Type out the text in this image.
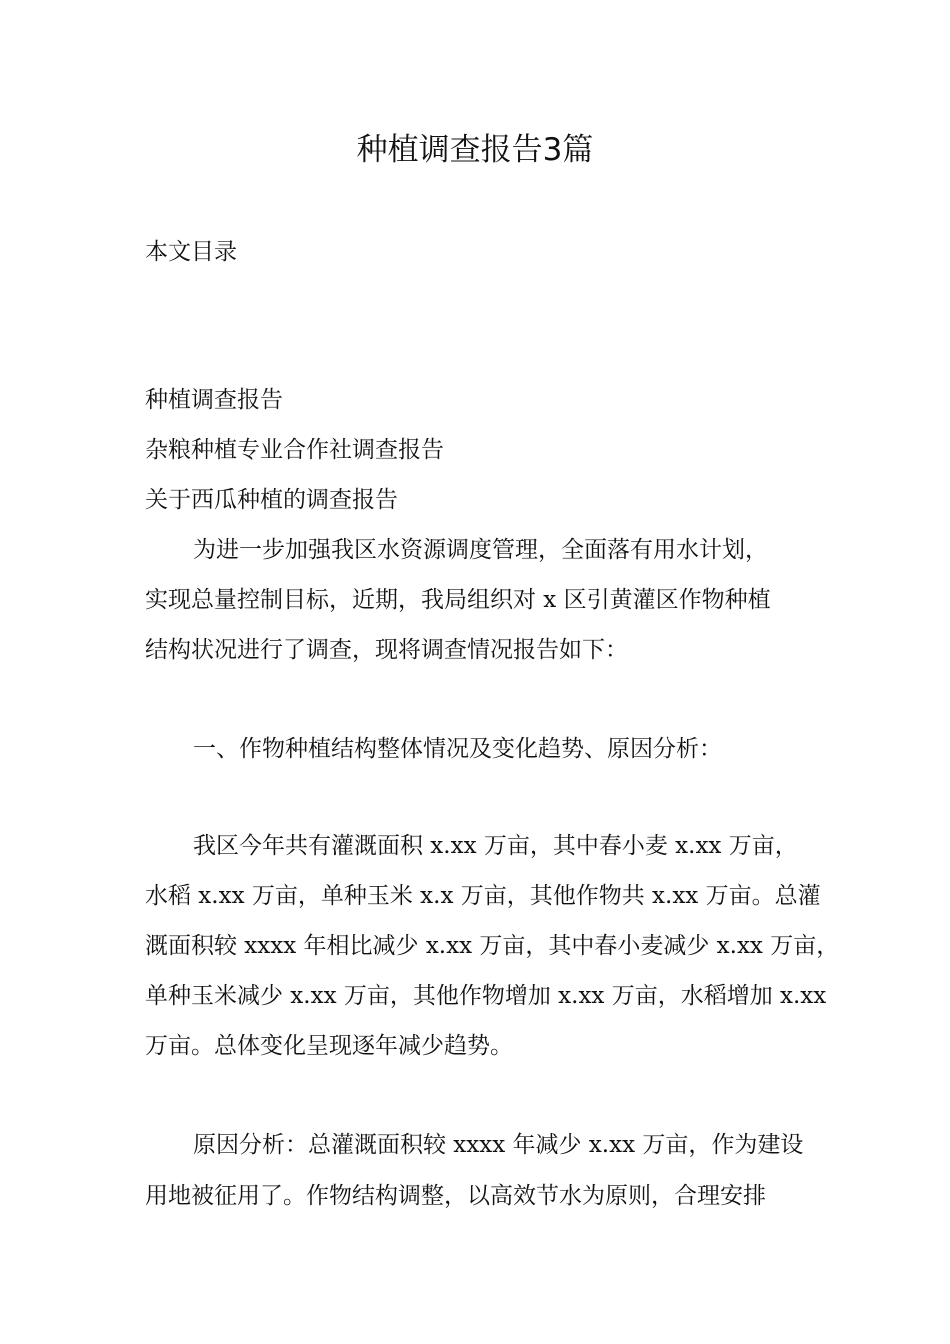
种植调查报告3篇
本文目录
种植调查报告
杂粮种植专业合作社调查报告
关于西瓜种植的调查报告
为进一步加强我区水资源调度管理，全面落有用水计划，
实现总量控制目标，近期，我局组织对 x 区引黄灌区作物种植
结构状况进行了调查，现将调查情况报告如下：
一、作物种植结构整体情况及变化趋势、原因分析：
我区今年共有灌溉面积 x.xx 万亩，其中春小麦 x.xx 万亩，
水稻 x.xx 万亩，单种玉米 x.x 万亩，其他作物共 x.xx 万亩。总灌
溉面积较 xxxx 年相比减少 x.xx 万亩，其中春小麦减少 x.xx 万亩，
单种玉米减少 x.xx 万亩，其他作物增加 x.xx 万亩，水稻增加 x.xx
万亩。总体变化呈现逐年减少趋势。
原因分析：总灌溉面积较 xxxx 年减少 x.xx 万亩，作为建设
用地被征用了。作物结构调整，以高效节水为原则，合理安排
